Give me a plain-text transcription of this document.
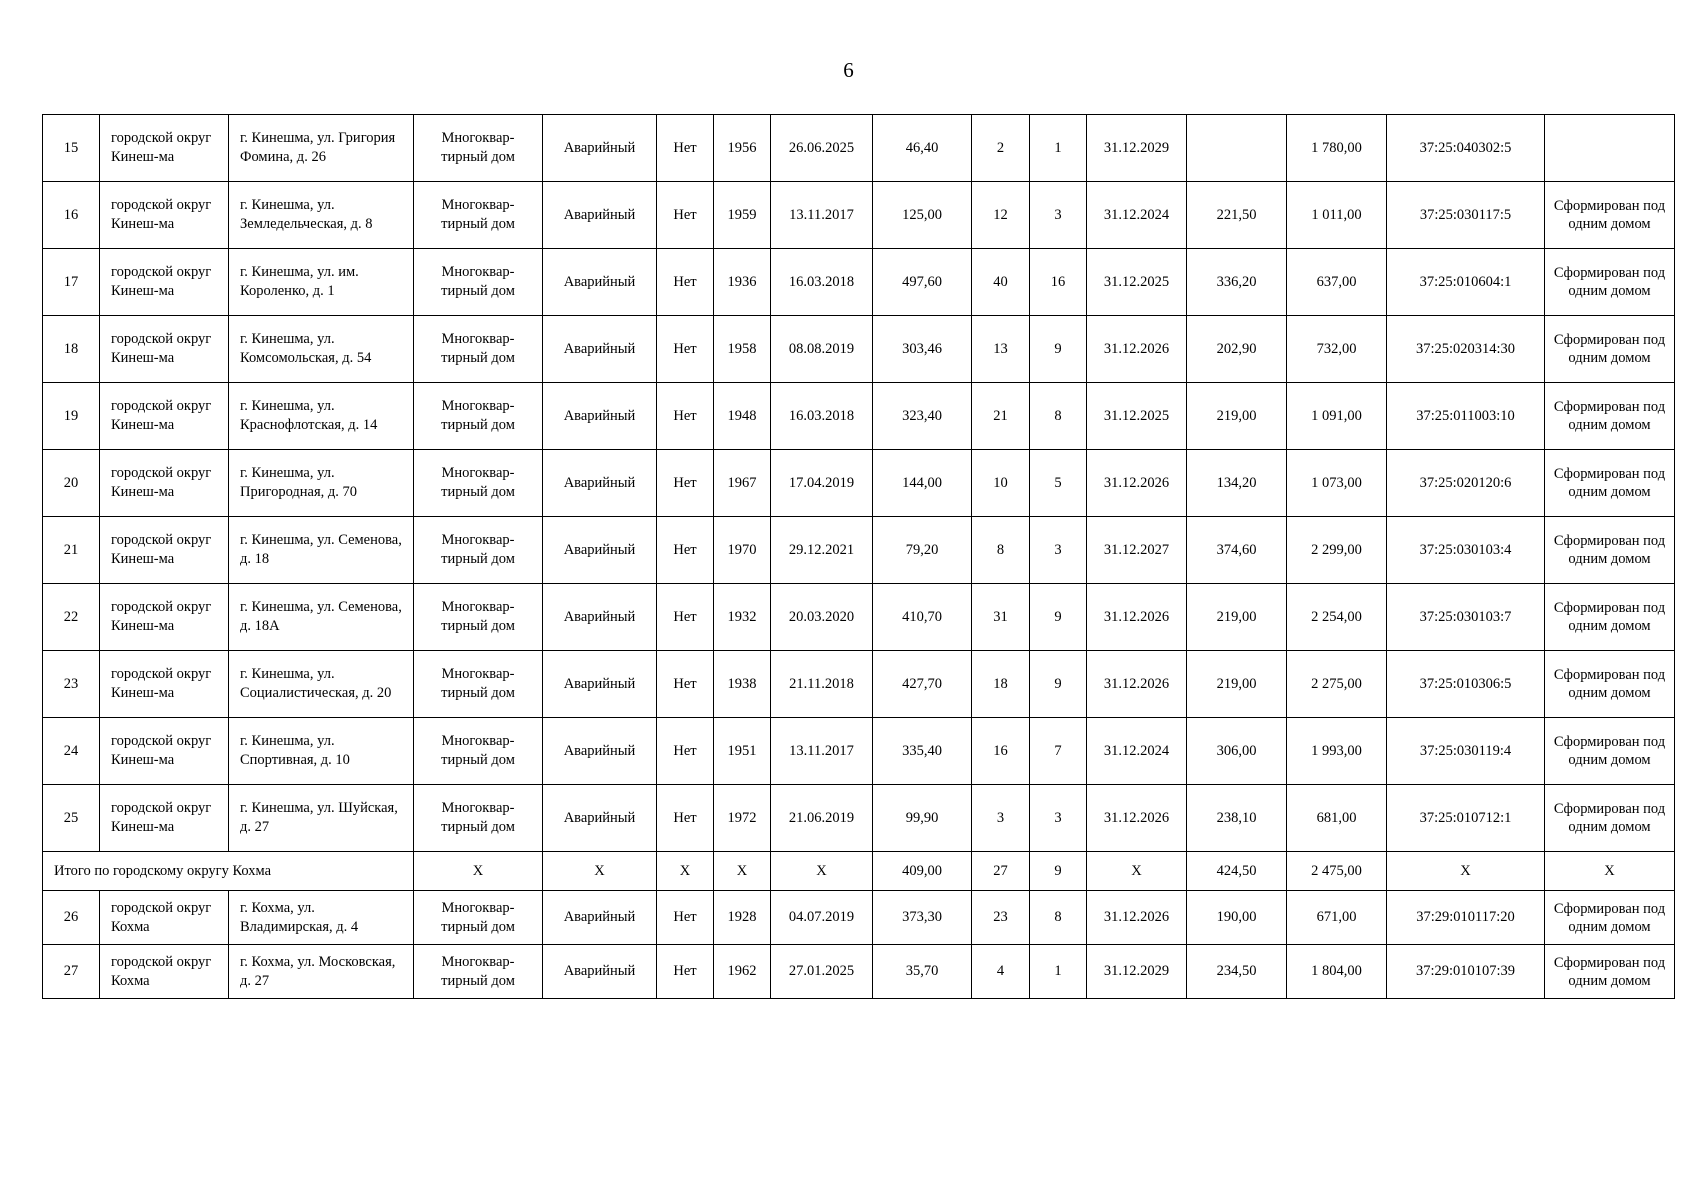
6
15	городской округ Кинеш-ма	г. Кинешма, ул. Григория Фомина, д. 26	Многоквар-тирный дом	Аварийный	Нет	1956	26.06.2025	46,40	2	1	31.12.2029		1 780,00	37:25:040302:5	
16	городской округ Кинеш-ма	г. Кинешма, ул. Земледельческая, д. 8	Многоквар-тирный дом	Аварийный	Нет	1959	13.11.2017	125,00	12	3	31.12.2024	221,50	1 011,00	37:25:030117:5	Сформирован под одним домом
17	городской округ Кинеш-ма	г. Кинешма, ул. им. Короленко, д. 1	Многоквар-тирный дом	Аварийный	Нет	1936	16.03.2018	497,60	40	16	31.12.2025	336,20	637,00	37:25:010604:1	Сформирован под одним домом
18	городской округ Кинеш-ма	г. Кинешма, ул. Комсомольская, д. 54	Многоквар-тирный дом	Аварийный	Нет	1958	08.08.2019	303,46	13	9	31.12.2026	202,90	732,00	37:25:020314:30	Сформирован под одним домом
19	городской округ Кинеш-ма	г. Кинешма, ул. Краснофлотская, д. 14	Многоквар-тирный дом	Аварийный	Нет	1948	16.03.2018	323,40	21	8	31.12.2025	219,00	1 091,00	37:25:011003:10	Сформирован под одним домом
20	городской округ Кинеш-ма	г. Кинешма, ул. Пригородная, д. 70	Многоквар-тирный дом	Аварийный	Нет	1967	17.04.2019	144,00	10	5	31.12.2026	134,20	1 073,00	37:25:020120:6	Сформирован под одним домом
21	городской округ Кинеш-ма	г. Кинешма, ул. Семенова, д. 18	Многоквар-тирный дом	Аварийный	Нет	1970	29.12.2021	79,20	8	3	31.12.2027	374,60	2 299,00	37:25:030103:4	Сформирован под одним домом
22	городской округ Кинеш-ма	г. Кинешма, ул. Семенова, д. 18А	Многоквар-тирный дом	Аварийный	Нет	1932	20.03.2020	410,70	31	9	31.12.2026	219,00	2 254,00	37:25:030103:7	Сформирован под одним домом
23	городской округ Кинеш-ма	г. Кинешма, ул. Социалистическая, д. 20	Многоквар-тирный дом	Аварийный	Нет	1938	21.11.2018	427,70	18	9	31.12.2026	219,00	2 275,00	37:25:010306:5	Сформирован под одним домом
24	городской округ Кинеш-ма	г. Кинешма, ул. Спортивная, д. 10	Многоквар-тирный дом	Аварийный	Нет	1951	13.11.2017	335,40	16	7	31.12.2024	306,00	1 993,00	37:25:030119:4	Сформирован под одним домом
25	городской округ Кинеш-ма	г. Кинешма, ул. Шуйская, д. 27	Многоквар-тирный дом	Аварийный	Нет	1972	21.06.2019	99,90	3	3	31.12.2026	238,10	681,00	37:25:010712:1	Сформирован под одним домом
Итого по городскому округу Кохма			X	X	X	X	X	409,00	27	9	X	424,50	2 475,00	X	X
26	городской округ Кохма	г. Кохма, ул. Владимирская, д. 4	Многоквар-тирный дом	Аварийный	Нет	1928	04.07.2019	373,30	23	8	31.12.2026	190,00	671,00	37:29:010117:20	Сформирован под одним домом
27	городской округ Кохма	г. Кохма, ул. Московская, д. 27	Многоквар-тирный дом	Аварийный	Нет	1962	27.01.2025	35,70	4	1	31.12.2029	234,50	1 804,00	37:29:010107:39	Сформирован под одним домом
